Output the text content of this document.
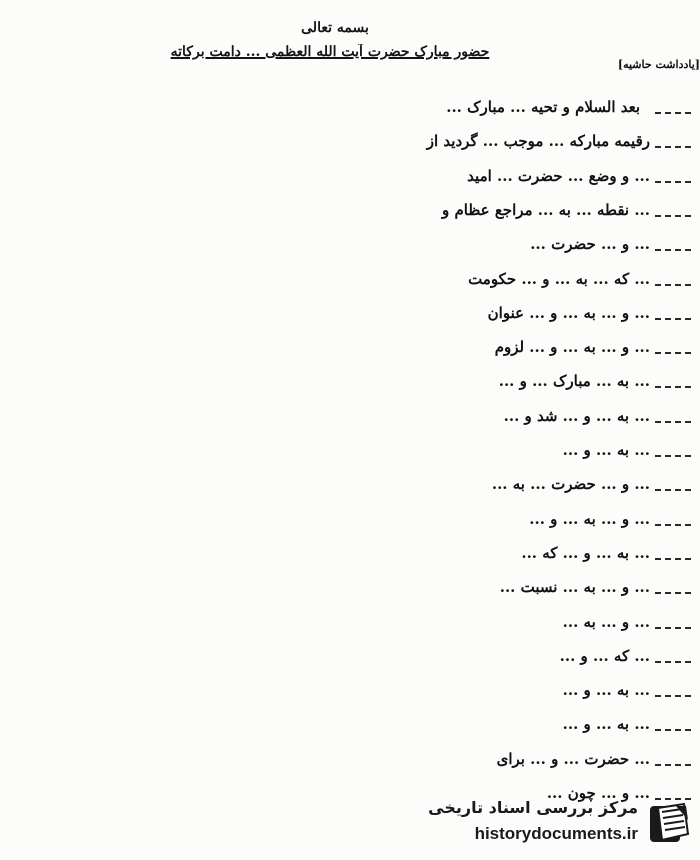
بسمه تعالی
حضور مبارک حضرت آیت الله العظمی ... دامت برکاته
[یادداشت حاشیه]
بعد السلام و تحیه ... مبارک ...
رقیمه مبارکه ... موجب ... گردید از
... و وضع ... حضرت ... امید
... نقطه ... به ... مراجع عظام و
... و ... حضرت ...
... که ... به ... و ... حکومت
... و ... به ... و ... عنوان
... و ... به ... و ... لزوم
... به ... مبارک ... و ...
... به ... و ... شد و ...
... به ... و ...
... و ... حضرت ... به ...
... و ... به ... و ...
... به ... و ... که ...
... و ... به ... نسبت ...
... و ... به ...
... که ... و ...
... به ... و ...
... به ... و ...
... حضرت ... و ... برای
... و ... چون ...
مرکز بررسی اسناد تاریخی
historydocuments.ir
